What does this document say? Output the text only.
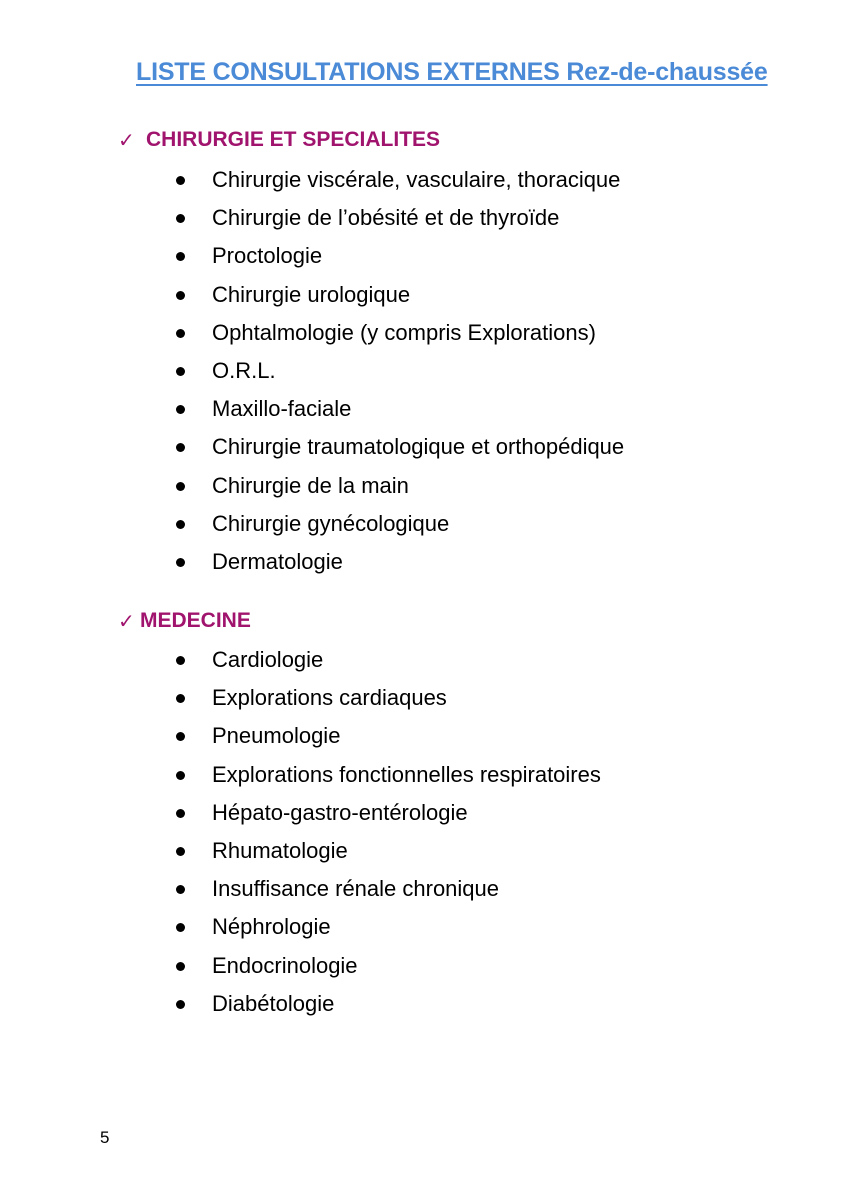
LISTE CONSULTATIONS EXTERNES Rez-de-chaussée
✓ CHIRURGIE ET SPECIALITES
Chirurgie viscérale, vasculaire, thoracique
Chirurgie de l’obésité et de thyroïde
Proctologie
Chirurgie urologique
Ophtalmologie (y compris Explorations)
O.R.L.
Maxillo-faciale
Chirurgie traumatologique et orthopédique
Chirurgie de la main
Chirurgie gynécologique
Dermatologie
✓ MEDECINE
Cardiologie
Explorations cardiaques
Pneumologie
Explorations fonctionnelles respiratoires
Hépato-gastro-entérologie
Rhumatologie
Insuffisance rénale chronique
Néphrologie
Endocrinologie
Diabétologie
5
